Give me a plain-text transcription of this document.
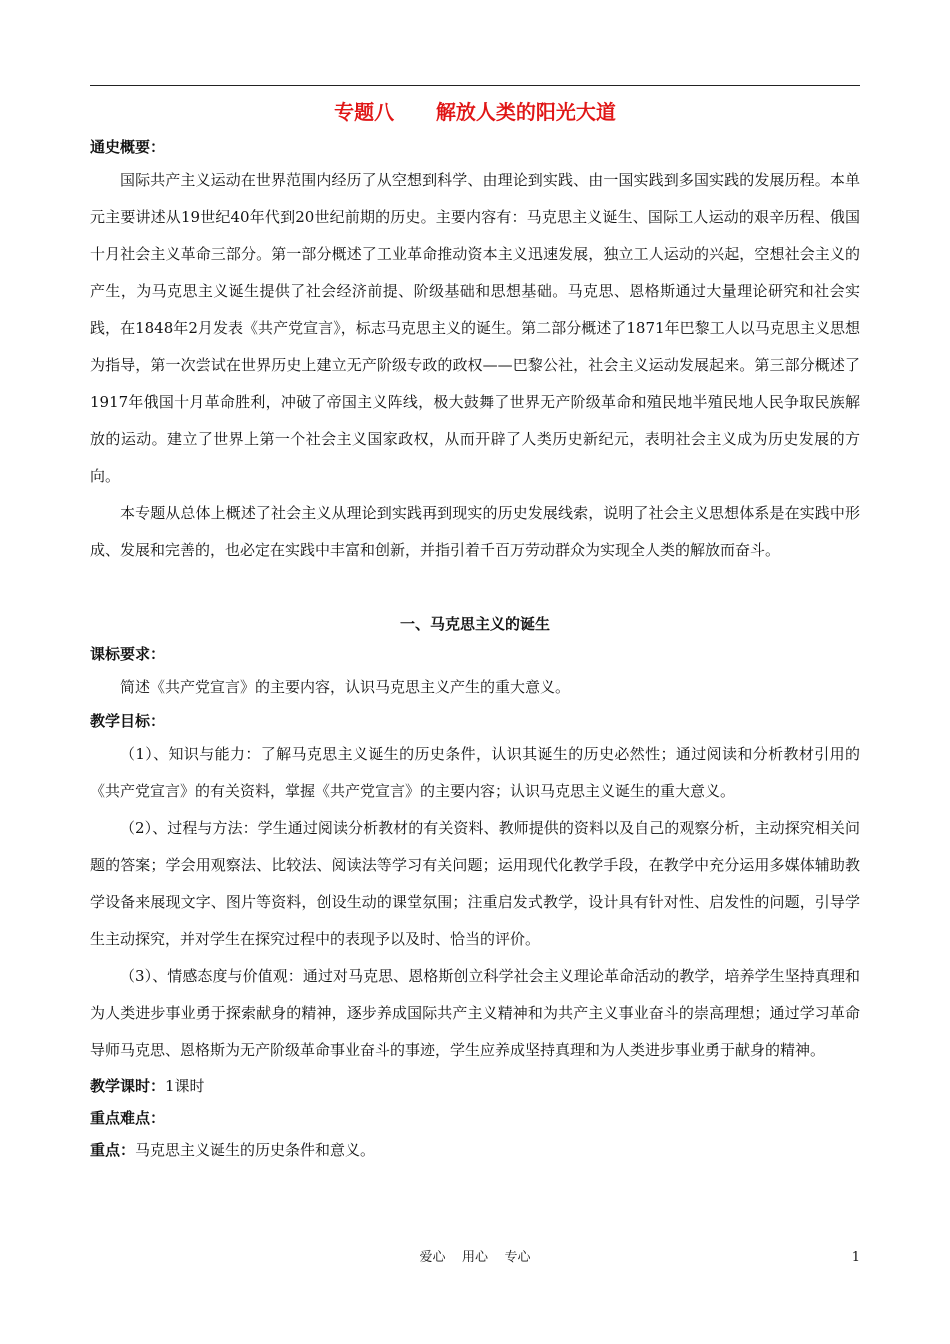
专题八      解放人类的阳光大道
通史概要：

国际共产主义运动在世界范围内经历了从空想到科学、由理论到实践、由一国实践到多国实践的发展历程。本单元主要讲述从19世纪40年代到20世纪前期的历史。主要内容有：马克思主义诞生、国际工人运动的艰辛历程、俄国十月社会主义革命三部分。第一部分概述了工业革命推动资本主义迅速发展，独立工人运动的兴起，空想社会主义的产生，为马克思主义诞生提供了社会经济前提、阶级基础和思想基础。马克思、恩格斯通过大量理论研究和社会实践，在1848年2月发表《共产党宣言》，标志马克思主义的诞生。第二部分概述了1871年巴黎工人以马克思主义思想为指导，第一次尝试在世界历史上建立无产阶级专政的政权——巴黎公社，社会主义运动发展起来。第三部分概述了1917年俄国十月革命胜利，冲破了帝国主义阵线，极大鼓舞了世界无产阶级革命和殖民地半殖民地人民争取民族解放的运动。建立了世界上第一个社会主义国家政权，从而开辟了人类历史新纪元，表明社会主义成为历史发展的方向。

本专题从总体上概述了社会主义从理论到实践再到现实的历史发展线索，说明了社会主义思想体系是在实践中形成、发展和完善的，也必定在实践中丰富和创新，并指引着千百万劳动群众为实现全人类的解放而奋斗。

一、马克思主义的诞生
课标要求：

简述《共产党宣言》的主要内容，认识马克思主义产生的重大意义。

教学目标：

（1）、知识与能力：了解马克思主义诞生的历史条件，认识其诞生的历史必然性；通过阅读和分析教材引用的《共产党宣言》的有关资料，掌握《共产党宣言》的主要内容；认识马克思主义诞生的重大意义。

（2）、过程与方法：学生通过阅读分析教材的有关资料、教师提供的资料以及自己的观察分析，主动探究相关问题的答案；学会用观察法、比较法、阅读法等学习有关问题；运用现代化教学手段，在教学中充分运用多媒体辅助教学设备来展现文字、图片等资料，创设生动的课堂氛围；注重启发式教学，设计具有针对性、启发性的问题，引导学生主动探究，并对学生在探究过程中的表现予以及时、恰当的评价。

（3）、情感态度与价值观：通过对马克思、恩格斯创立科学社会主义理论革命活动的教学，培养学生坚持真理和为人类进步事业勇于探索献身的精神，逐步养成国际共产主义精神和为共产主义事业奋斗的崇高理想；通过学习革命导师马克思、恩格斯为无产阶级革命事业奋斗的事迹，学生应养成坚持真理和为人类进步事业勇于献身的精神。

教学课时：1课时
重点难点：
重点：马克思主义诞生的历史条件和意义。
爱心    用心    专心	1
